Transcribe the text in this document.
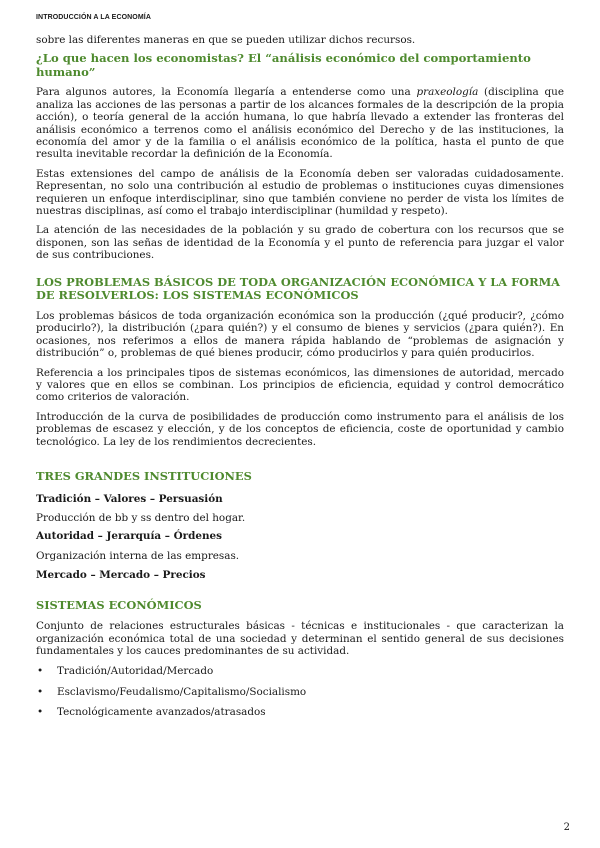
INTRODUCCIÓN A LA ECONOMÍA

sobre las diferentes maneras en que se pueden utilizar dichos recursos.

¿Lo que hacen los economistas? El “análisis económico del comportamiento humano”

Para algunos autores, la Economía llegaría a entenderse como una praxeología (disciplina que analiza las acciones de las personas a partir de los alcances formales de la descripción de la propia acción), o teoría general de la acción humana, lo que habría llevado a extender las fronteras del análisis económico a terrenos como el análisis económico del Derecho y de las instituciones, la economía del amor y de la familia o el análisis económico de la política, hasta el punto de que resulta inevitable recordar la definición de la Economía.

Estas extensiones del campo de análisis de la Economía deben ser valoradas cuidadosamente. Representan, no solo una contribución al estudio de problemas o instituciones cuyas dimensiones requieren un enfoque interdisciplinar, sino que también conviene no perder de vista los límites de nuestras disciplinas, así como el trabajo interdisciplinar (humildad y respeto).

La atención de las necesidades de la población y su grado de cobertura con los recursos que se disponen, son las señas de identidad de la Economía y el punto de referencia para juzgar el valor de sus contribuciones.

LOS PROBLEMAS BÁSICOS DE TODA ORGANIZACIÓN ECONÓMICA Y LA FORMA DE RESOLVERLOS: LOS SISTEMAS ECONÓMICOS

Los problemas básicos de toda organización económica son la producción (¿qué producir?, ¿cómo producirlo?), la distribución (¿para quién?) y el consumo de bienes y servicios (¿para quién?). En ocasiones, nos referimos a ellos de manera rápida hablando de “problemas de asignación y distribución” o, problemas de qué bienes producir, cómo producirlos y para quién producirlos.

Referencia a los principales tipos de sistemas económicos, las dimensiones de autoridad, mercado y valores que en ellos se combinan. Los principios de eficiencia, equidad y control democrático como criterios de valoración.

Introducción de la curva de posibilidades de producción como instrumento para el análisis de los problemas de escasez y elección, y de los conceptos de eficiencia, coste de oportunidad y cambio tecnológico. La ley de los rendimientos decrecientes.

TRES GRANDES INSTITUCIONES
Tradición – Valores – Persuasión

Producción de bb y ss dentro del hogar.

Autoridad – Jerarquía – Órdenes

Organización interna de las empresas.

Mercado – Mercado – Precios
SISTEMAS ECONÓMICOS

Conjunto de relaciones estructurales básicas - técnicas e institucionales - que caracterizan la organización económica total de una sociedad y determinan el sentido general de sus decisiones fundamentales y los cauces predominantes de su actividad.

• Tradición/Autoridad/Mercado
• Esclavismo/Feudalismo/Capitalismo/Socialismo
• Tecnológicamente avanzados/atrasados
2
